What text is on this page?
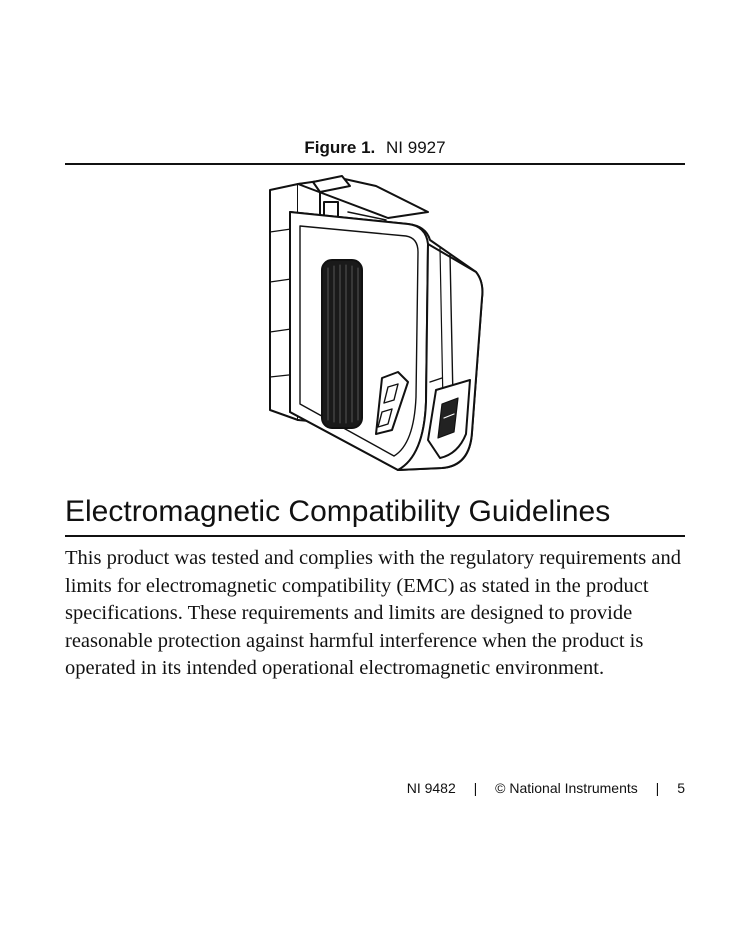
Figure 1. NI 9927
Electromagnetic Compatibility Guidelines

This product was tested and complies with the regulatory requirements and limits for electromagnetic compatibility (EMC) as stated in the product specifications. These requirements and limits are designed to provide reasonable protection against harmful interference when the product is operated in its intended operational electromagnetic environment.

NI 9482 | © National Instruments | 5
